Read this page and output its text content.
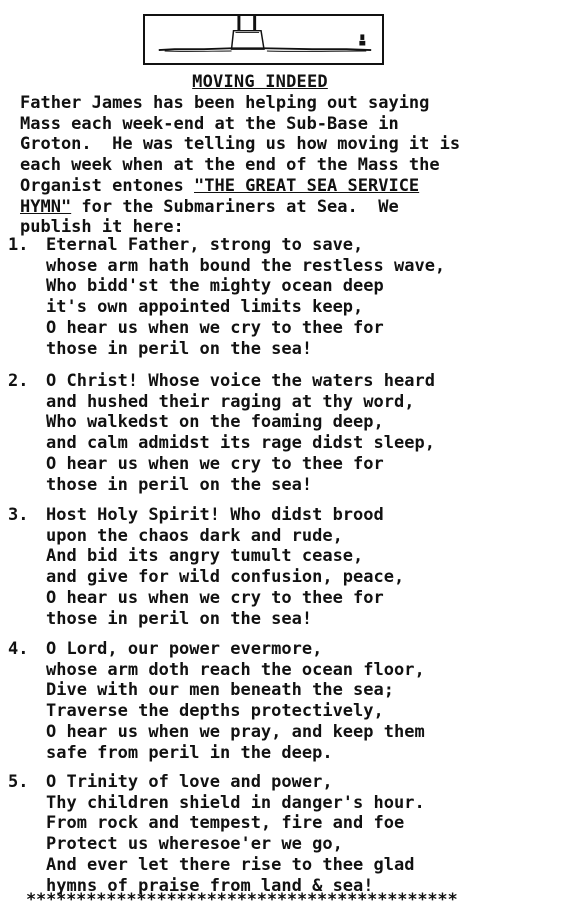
MOVING INDEED
Father James has been helping out saying
Mass each week-end at the Sub-Base in
Groton.  He was telling us how moving it is
each week when at the end of the Mass the
Organist entones "THE GREAT SEA SERVICE
HYMN" for the Submariners at Sea.  We
publish it here:
1. Eternal Father, strong to save,
whose arm hath bound the restless wave,
Who bidd'st the mighty ocean deep
it's own appointed limits keep,
O hear us when we cry to thee for
those in peril on the sea!
2. O Christ! Whose voice the waters heard
and hushed their raging at thy word,
Who walkedst on the foaming deep,
and calm admidst its rage didst sleep,
O hear us when we cry to thee for
those in peril on the sea!
3. Host Holy Spirit! Who didst brood
upon the chaos dark and rude,
And bid its angry tumult cease,
and give for wild confusion, peace,
O hear us when we cry to thee for
those in peril on the sea!
4. O Lord, our power evermore,
whose arm doth reach the ocean floor,
Dive with our men beneath the sea;
Traverse the depths protectively,
O hear us when we pray, and keep them
safe from peril in the deep.
5. O Trinity of love and power,
Thy children shield in danger's hour.
From rock and tempest, fire and foe
Protect us wheresoe'er we go,
And ever let there rise to thee glad
hymns of praise from land & sea!
*******************************************
